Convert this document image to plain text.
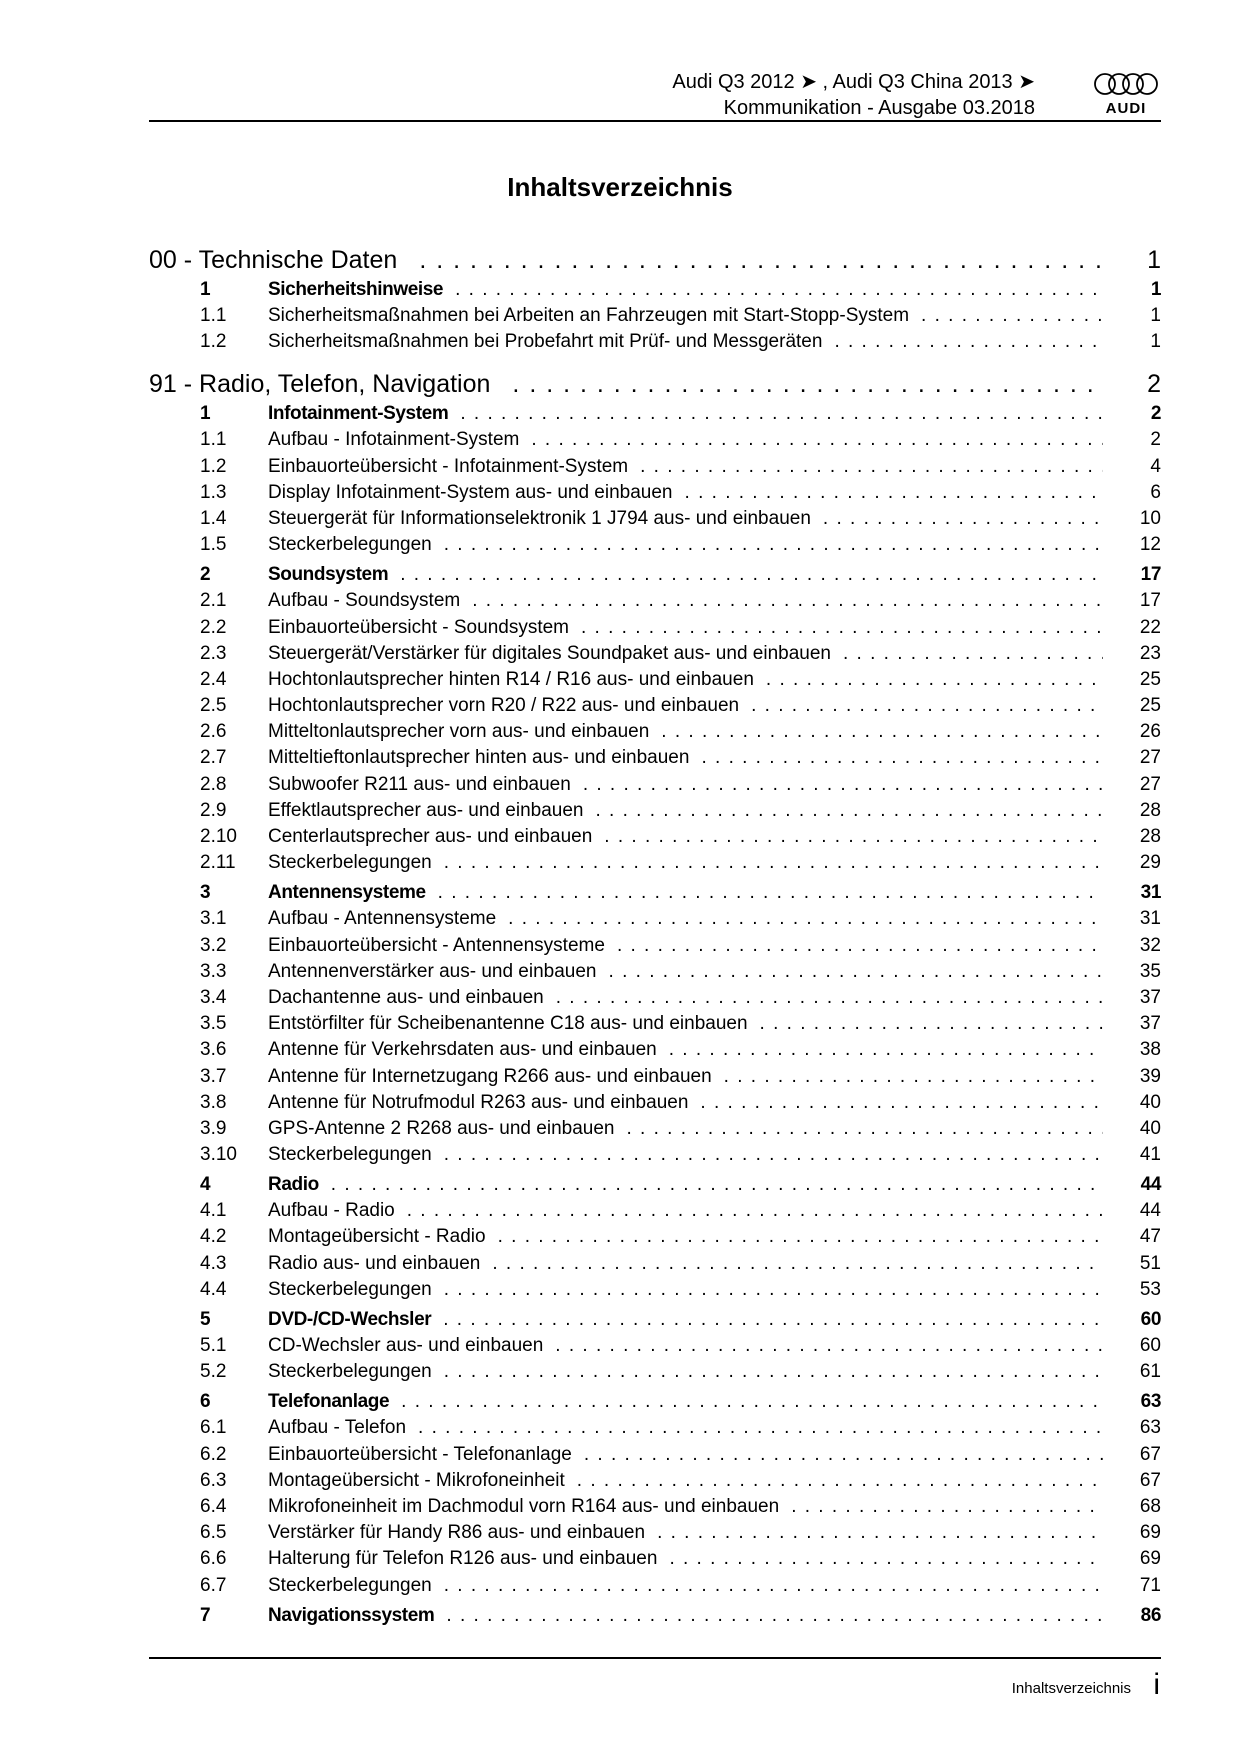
Audi Q3 2012 ➤ , Audi Q3 China 2013 ➤
Kommunikation - Ausgabe 03.2018	AUDI
Inhaltsverzeichnis
00 - Technische Daten . . .	1
1	Sicherheitshinweise . . .	1
1.1	Sicherheitsmaßnahmen bei Arbeiten an Fahrzeugen mit Start-Stopp-System . . .	1
1.2	Sicherheitsmaßnahmen bei Probefahrt mit Prüf- und Messgeräten . . .	1
91 - Radio, Telefon, Navigation . . .	2
1	Infotainment-System . . .	2
1.1	Aufbau - Infotainment-System . . .	2
1.2	Einbauorteübersicht - Infotainment-System . . .	4
1.3	Display Infotainment-System aus- und einbauen . . .	6
1.4	Steuergerät für Informationselektronik 1 J794 aus- und einbauen . . .	10
1.5	Steckerbelegungen . . .	12
2	Soundsystem . . .	17
2.1	Aufbau - Soundsystem . . .	17
2.2	Einbauorteübersicht - Soundsystem . . .	22
2.3	Steuergerät/Verstärker für digitales Soundpaket aus- und einbauen . . .	23
2.4	Hochtonlautsprecher hinten R14 / R16 aus- und einbauen . . .	25
2.5	Hochtonlautsprecher vorn R20 / R22 aus- und einbauen . . .	25
2.6	Mitteltonlautsprecher vorn aus- und einbauen . . .	26
2.7	Mitteltieftonlautsprecher hinten aus- und einbauen . . .	27
2.8	Subwoofer R211 aus- und einbauen . . .	27
2.9	Effektlautsprecher aus- und einbauen . . .	28
2.10	Centerlautsprecher aus- und einbauen . . .	28
2.11	Steckerbelegungen . . .	29
3	Antennensysteme . . .	31
3.1	Aufbau - Antennensysteme . . .	31
3.2	Einbauorteübersicht - Antennensysteme . . .	32
3.3	Antennenverstärker aus- und einbauen . . .	35
3.4	Dachantenne aus- und einbauen . . .	37
3.5	Entstörfilter für Scheibenantenne C18 aus- und einbauen . . .	37
3.6	Antenne für Verkehrsdaten aus- und einbauen . . .	38
3.7	Antenne für Internetzugang R266 aus- und einbauen . . .	39
3.8	Antenne für Notrufmodul R263 aus- und einbauen . . .	40
3.9	GPS-Antenne 2 R268 aus- und einbauen . . .	40
3.10	Steckerbelegungen . . .	41
4	Radio . . .	44
4.1	Aufbau - Radio . . .	44
4.2	Montageübersicht - Radio . . .	47
4.3	Radio aus- und einbauen . . .	51
4.4	Steckerbelegungen . . .	53
5	DVD-/CD-Wechsler . . .	60
5.1	CD-Wechsler aus- und einbauen . . .	60
5.2	Steckerbelegungen . . .	61
6	Telefonanlage . . .	63
6.1	Aufbau - Telefon . . .	63
6.2	Einbauorteübersicht - Telefonanlage . . .	67
6.3	Montageübersicht - Mikrofoneinheit . . .	67
6.4	Mikrofoneinheit im Dachmodul vorn R164 aus- und einbauen . . .	68
6.5	Verstärker für Handy R86 aus- und einbauen . . .	69
6.6	Halterung für Telefon R126 aus- und einbauen . . .	69
6.7	Steckerbelegungen . . .	71
7	Navigationssystem . . .	86
Inhaltsverzeichnis i
